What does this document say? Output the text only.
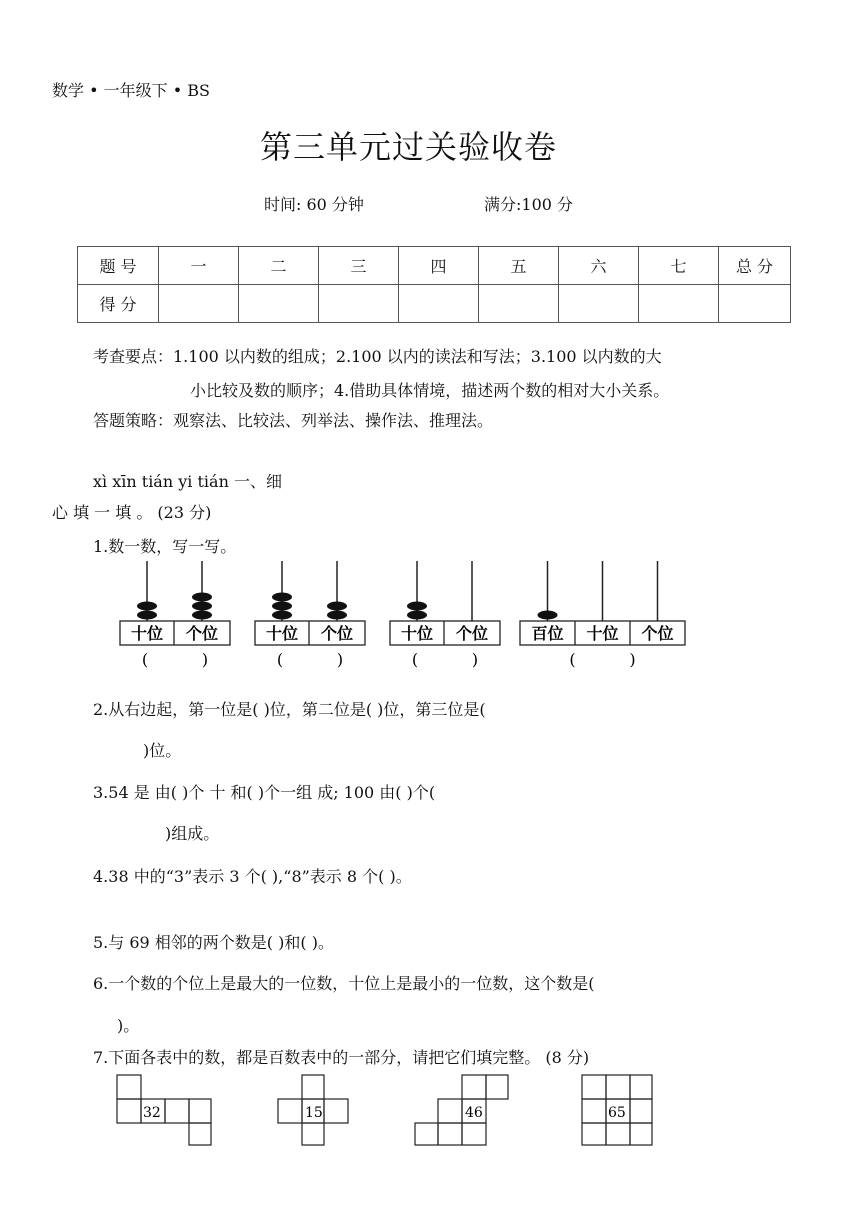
数学 • 一年级下 • BS
第三单元过关验收卷
时间: 60 分钟	满分:100 分
题 号	一	二	三	四	五	六	七	总 分
得 分								
考查要点：1.100 以内数的组成；2.100 以内的读法和写法；3.100 以内数的大
小比较及数的顺序；4.借助具体情境，描述两个数的相对大小关系。
答题策略：观察法、比较法、列举法、操作法、推理法。
xì xīn tián yi tián 一、细
心 填 一 填 。 (23 分)
1.数一数，写一写。
十位 个位
(	)
十位 个位
(	)
十位 个位
(	)
百位 十位 个位
(	)
2.从右边起，第一位是( )位，第二位是( )位，第三位是(
)位。
3.54 是 由( )个 十 和( )个一组 成; 100 由( )个(
)组成。
4.38 中的“3”表示 3 个( ),“8”表示 8 个( )。
5.与 69 相邻的两个数是( )和( )。
6.一个数的个位上是最大的一位数，十位上是最小的一位数，这个数是(
)。
7.下面各表中的数，都是百数表中的一部分，请把它们填完整。 (8 分)
32	15	46	65
